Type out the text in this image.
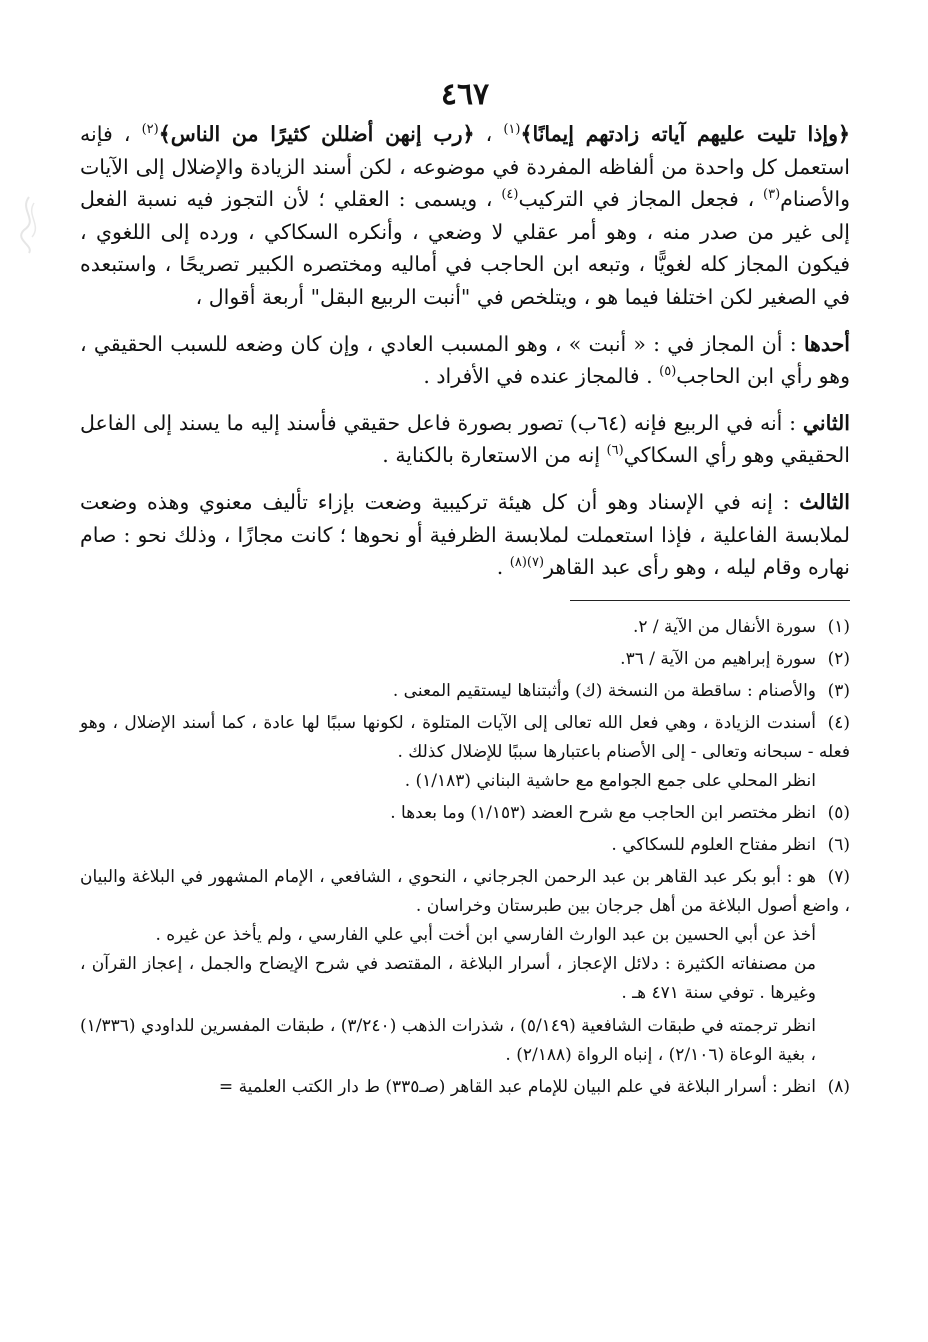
٤٦٧

﴿وإذا تليت عليهم آياته زادتهم إيمانًا﴾$^{(١)}$ ، ﴿رب إنهن أضللن كثيرًا من الناس﴾$^{(٢)}$ ، فإنه استعمل كل واحدة من ألفاظه المفردة في موضوعه ، لكن أسند الزيادة والإضلال إلى الآيات والأصنام$^{(٣)}$ ، فجعل المجاز في التركيب$^{(٤)}$ ، ويسمى : العقلي ؛ لأن التجوز فيه نسبة الفعل إلى غير من صدر منه ، وهو أمر عقلي لا وضعي ، وأنكره السكاكي ، ورده إلى اللغوي ، فيكون المجاز كله لغويًّا ، وتبعه ابن الحاجب في أماليه ومختصره الكبير تصريحًا ، واستبعده في الصغير لكن اختلفا فيما هو ، ويتلخص في "أنبت الربيع البقل" أربعة أقوال ،

أحدها : أن المجاز في : « أنبت » ، وهو المسبب العادي ، وإن كان وضعه للسبب الحقيقي ، وهو رأي ابن الحاجب$^{(٥)}$ . فالمجاز عنده في الأفراد .

الثاني : أنه في الربيع فإنه (٦٤ب) تصور بصورة فاعل حقيقي فأسند إليه ما يسند إلى الفاعل الحقيقي وهو رأي السكاكي$^{(٦)}$ إنه من الاستعارة بالكناية .

الثالث : إنه في الإسناد وهو أن كل هيئة تركيبية وضعت بإزاء تأليف معنوي وهذه وضعت لملابسة الفاعلية ، فإذا استعملت لملابسة الظرفية أو نحوها ؛ كانت مجازًا ، وذلك نحو : صام نهاره وقام ليله ، وهو رأى عبد القاهر$^{(٧)(٨)}$ .

(١)سورة الأنفال من الآية / ٢.

(٢)سورة إبراهيم من الآية / ٣٦.

(٣)والأصنام : ساقطة من النسخة (ك) وأثبتناها ليستقيم المعنى .

(٤)أسندت الزيادة ، وهي فعل الله تعالى إلى الآيات المتلوة ، لكونها سببًا لها عادة ، كما أسند الإضلال ، وهو فعله - سبحانه وتعالى - إلى الأصنام باعتبارها سببًا للإضلال كذلك .

انظر المحلي على جمع الجوامع مع حاشية البناني (١/١٨٣) .

(٥)انظر مختصر ابن الحاجب مع شرح العضد (١/١٥٣) وما بعدها .

(٦)انظر مفتاح العلوم للسكاكي .

(٧)هو : أبو بكر عبد القاهر بن عبد الرحمن الجرجاني ، النحوي ، الشافعي ، الإمام المشهور في البلاغة والبيان ، واضع أصول البلاغة من أهل جرجان بين طبرستان وخراسان .

أخذ عن أبي الحسين بن عبد الوارث الفارسي ابن أخت أبي علي الفارسي ، ولم يأخذ عن غيره .

من مصنفاته الكثيرة : دلائل الإعجاز ، أسرار البلاغة ، المقتصد في شرح الإيضاح والجمل ، إعجاز القرآن ، وغيرها . توفي سنة ٤٧١ هـ .

انظر ترجمته في طبقات الشافعية (٥/١٤٩) ، شذرات الذهب (٣/٢٤٠) ، طبقات المفسرين للداودي (١/٣٣٦) ، بغية الوعاة (٢/١٠٦) ، إنباه الرواة (٢/١٨٨) .

(٨)انظر : أسرار البلاغة في علم البيان للإمام عبد القاهر (صـ٣٣٥) ط دار الكتب العلمية =
